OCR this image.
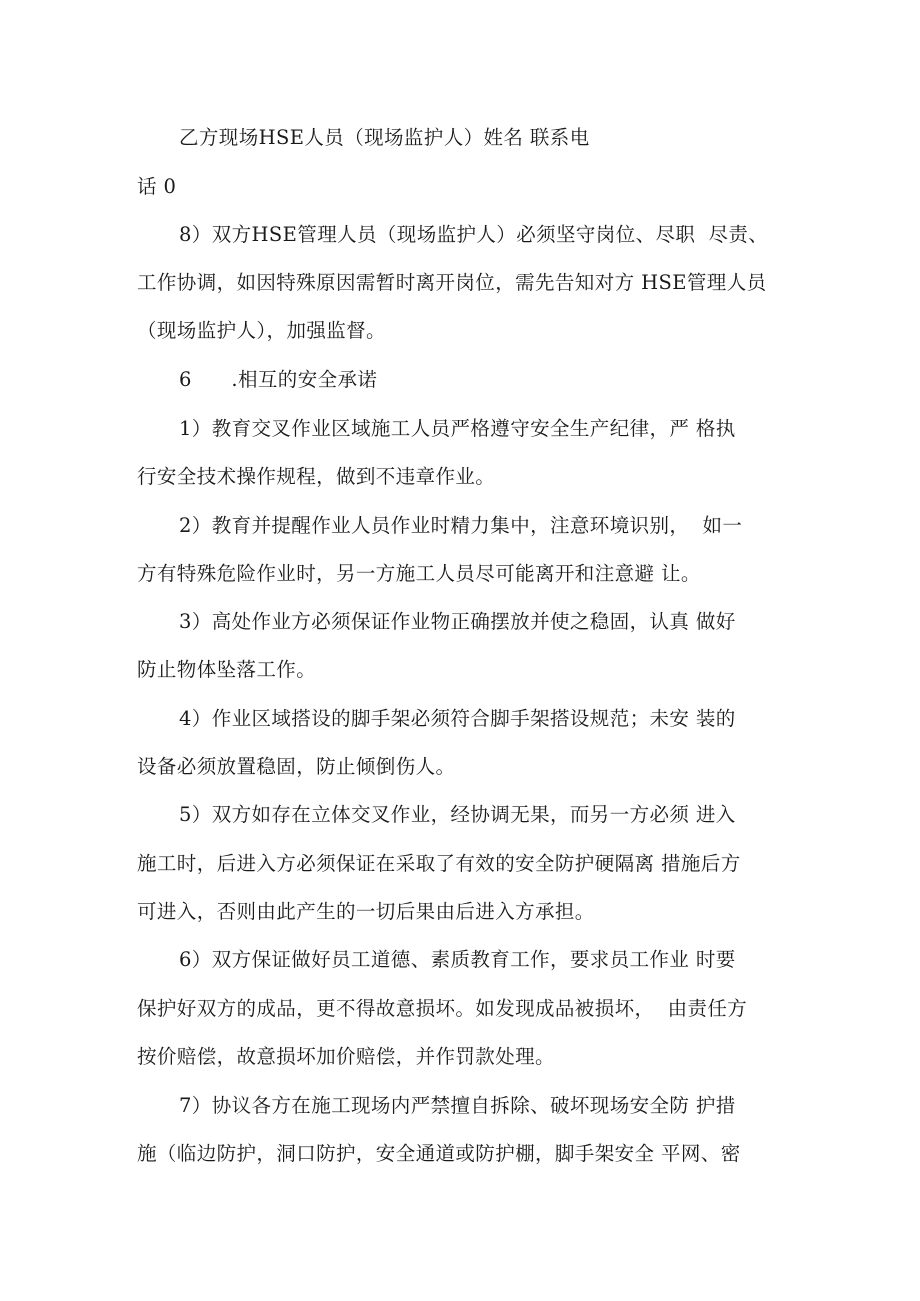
乙方现场HSE人员（现场监护人）姓名 联系电
话 0
8）双方HSE管理人员（现场监护人）必须坚守岗位、尽职  尽责、
工作协调，如因特殊原因需暂时离开岗位，需先告知对方 HSE管理人员
（现场监护人），加强监督。
6      .相互的安全承诺
1）教育交叉作业区域施工人员严格遵守安全生产纪律，严 格执
行安全技术操作规程，做到不违章作业。
2）教育并提醒作业人员作业时精力集中，注意环境识别，  如一
方有特殊危险作业时，另一方施工人员尽可能离开和注意避 让。
3）高处作业方必须保证作业物正确摆放并使之稳固，认真 做好
防止物体坠落工作。
4）作业区域搭设的脚手架必须符合脚手架搭设规范；未安 装的
设备必须放置稳固，防止倾倒伤人。
5）双方如存在立体交叉作业，经协调无果，而另一方必须 进入
施工时，后进入方必须保证在采取了有效的安全防护硬隔离 措施后方
可进入，否则由此产生的一切后果由后进入方承担。
6）双方保证做好员工道德、素质教育工作，要求员工作业 时要
保护好双方的成品，更不得故意损坏。如发现成品被损坏，  由责任方
按价赔偿，故意损坏加价赔偿，并作罚款处理。
7）协议各方在施工现场内严禁擅自拆除、破坏现场安全防 护措
施（临边防护，洞口防护，安全通道或防护棚，脚手架安全 平网、密
